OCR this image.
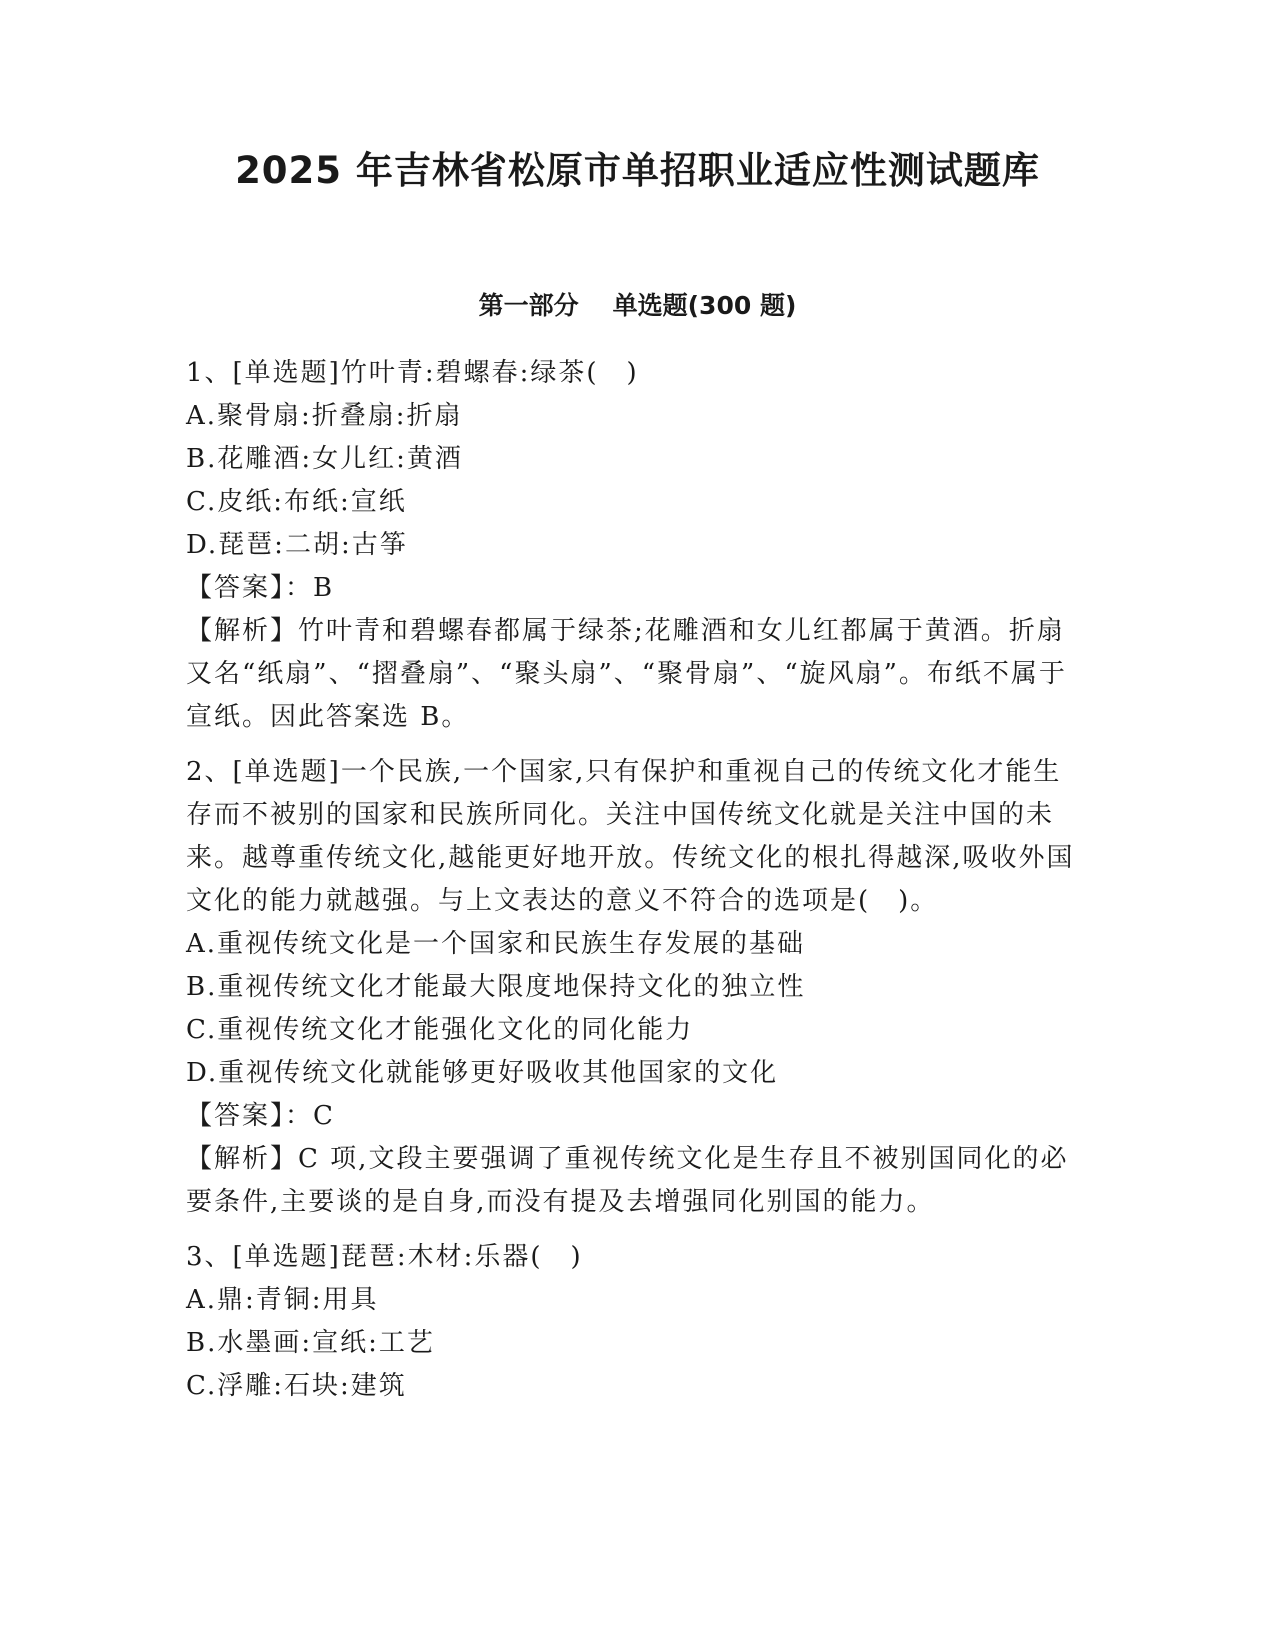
2025 年吉林省松原市单招职业适应性测试题库
第一部分 单选题(300 题)
1、[单选题]竹叶青:碧螺春:绿茶(　)
A.聚骨扇:折叠扇:折扇
B.花雕酒:女儿红:黄酒
C.皮纸:布纸:宣纸
D.琵琶:二胡:古筝
【答案】：B
【解析】竹叶青和碧螺春都属于绿茶;花雕酒和女儿红都属于黄酒。折扇又名“纸扇”、“摺叠扇”、“聚头扇”、“聚骨扇”、“旋风扇”。布纸不属于宣纸。因此答案选 B。
2、[单选题]一个民族,一个国家,只有保护和重视自己的传统文化才能生存而不被别的国家和民族所同化。关注中国传统文化就是关注中国的未来。越尊重传统文化,越能更好地开放。传统文化的根扎得越深,吸收外国文化的能力就越强。与上文表达的意义不符合的选项是(　)。
A.重视传统文化是一个国家和民族生存发展的基础
B.重视传统文化才能最大限度地保持文化的独立性
C.重视传统文化才能强化文化的同化能力
D.重视传统文化就能够更好吸收其他国家的文化
【答案】：C
【解析】C 项,文段主要强调了重视传统文化是生存且不被别国同化的必要条件,主要谈的是自身,而没有提及去增强同化别国的能力。
3、[单选题]琵琶:木材:乐器(　)
A.鼎:青铜:用具
B.水墨画:宣纸:工艺
C.浮雕:石块:建筑
